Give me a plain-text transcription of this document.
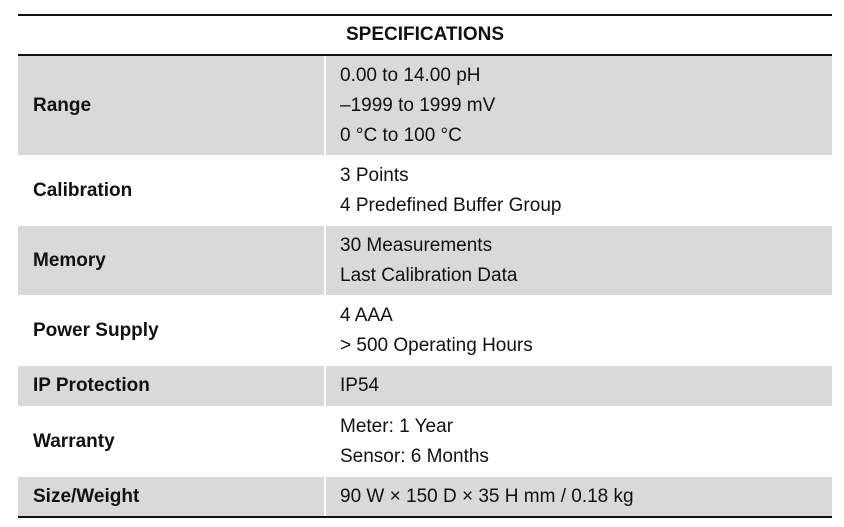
SPECIFICATIONS	
Range	0.00 to 14.00 pH
–1999 to 1999 mV
0 °C to 100 °C

Calibration	3 Points
4 Predefined Buffer Group

Memory	30 Measurements
Last Calibration Data

Power Supply	4 AAA
> 500 Operating Hours

IP Protection	IP54

Warranty	Meter: 1 Year
Sensor: 6 Months

Size/Weight	90 W × 150 D × 35 H mm / 0.18 kg
